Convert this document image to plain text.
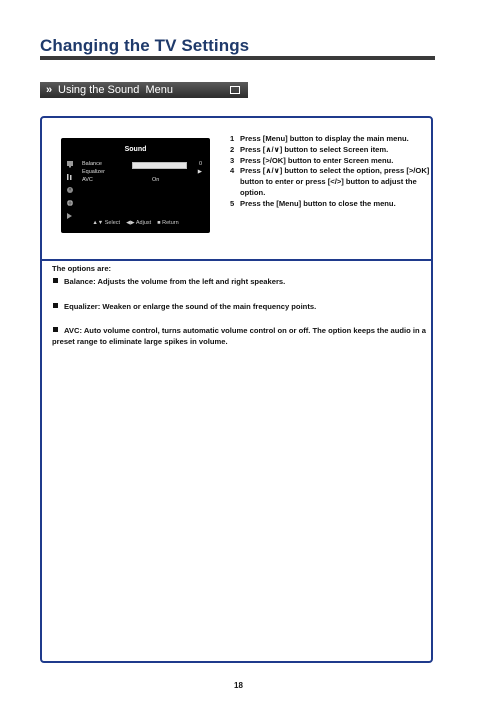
Changing the TV Settings
» Using the Sound  Menu
Sound
Balance	0
Equalizer	▶
AVC	On
▲▼ Select ◀▶ Adjust ■ Return
1 Press [Menu] button to display the main menu.
2 Press [∧/∨] button to select Screen item.
3 Press [>/OK] button to enter Screen menu.
4 Press [∧/∨] button to select the option, press [>/OK] button to enter or press [</>] button to adjust the option.
5 Press the [Menu] button to close the menu.
The options are:
Balance: Adjusts the volume from the left and right speakers.
Equalizer: Weaken or enlarge the sound of the main frequency points.
AVC: Auto volume control, turns automatic volume control on or off. The option keeps the audio in a preset range to eliminate large spikes in volume.
18
